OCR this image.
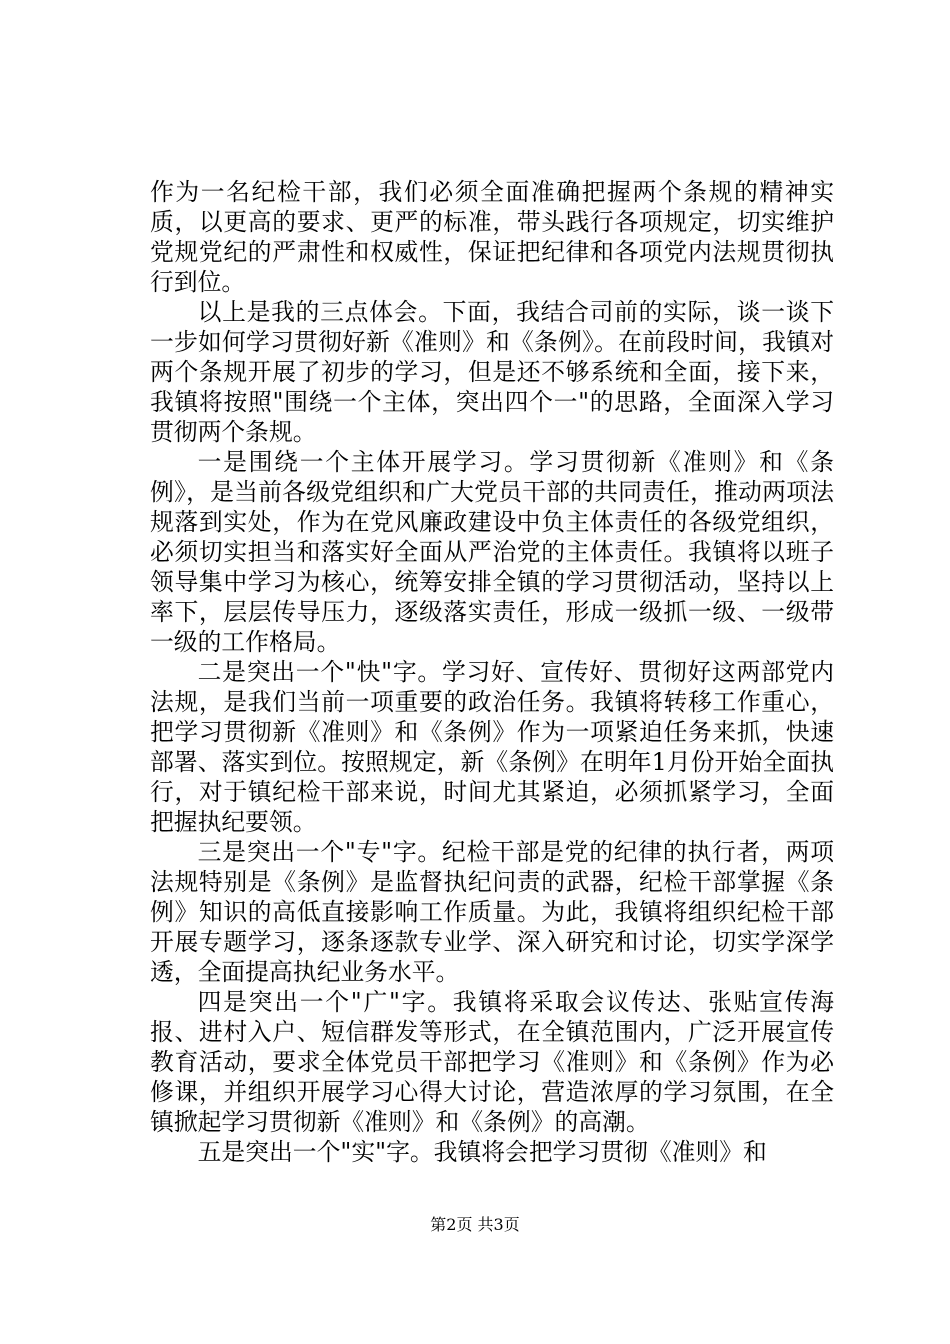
作为一名纪检干部，我们必须全面准确把握两个条规的精神实质，以更高的要求、更严的标准，带头践行各项规定，切实维护党规党纪的严肃性和权威性，保证把纪律和各项党内法规贯彻执行到位。

以上是我的三点体会。下面，我结合司前的实际，谈一谈下一步如何学习贯彻好新《准则》和《条例》。在前段时间，我镇对两个条规开展了初步的学习，但是还不够系统和全面，接下来，我镇将按照"围绕一个主体，突出四个一"的思路，全面深入学习贯彻两个条规。

一是围绕一个主体开展学习。学习贯彻新《准则》和《条例》，是当前各级党组织和广大党员干部的共同责任，推动两项法规落到实处，作为在党风廉政建设中负主体责任的各级党组织，必须切实担当和落实好全面从严治党的主体责任。我镇将以班子领导集中学习为核心，统筹安排全镇的学习贯彻活动，坚持以上率下，层层传导压力，逐级落实责任，形成一级抓一级、一级带一级的工作格局。

二是突出一个"快"字。学习好、宣传好、贯彻好这两部党内法规，是我们当前一项重要的政治任务。我镇将转移工作重心，把学习贯彻新《准则》和《条例》作为一项紧迫任务来抓，快速部署、落实到位。按照规定，新《条例》在明年1月份开始全面执行，对于镇纪检干部来说，时间尤其紧迫，必须抓紧学习，全面把握执纪要领。

三是突出一个"专"字。纪检干部是党的纪律的执行者，两项法规特别是《条例》是监督执纪问责的武器，纪检干部掌握《条例》知识的高低直接影响工作质量。为此，我镇将组织纪检干部开展专题学习，逐条逐款专业学、深入研究和讨论，切实学深学透，全面提高执纪业务水平。

四是突出一个"广"字。我镇将采取会议传达、张贴宣传海报、进村入户、短信群发等形式，在全镇范围内，广泛开展宣传教育活动，要求全体党员干部把学习《准则》和《条例》作为必修课，并组织开展学习心得大讨论，营造浓厚的学习氛围，在全镇掀起学习贯彻新《准则》和《条例》的高潮。

五是突出一个"实"字。我镇将会把学习贯彻《准则》和

第2页 共3页
